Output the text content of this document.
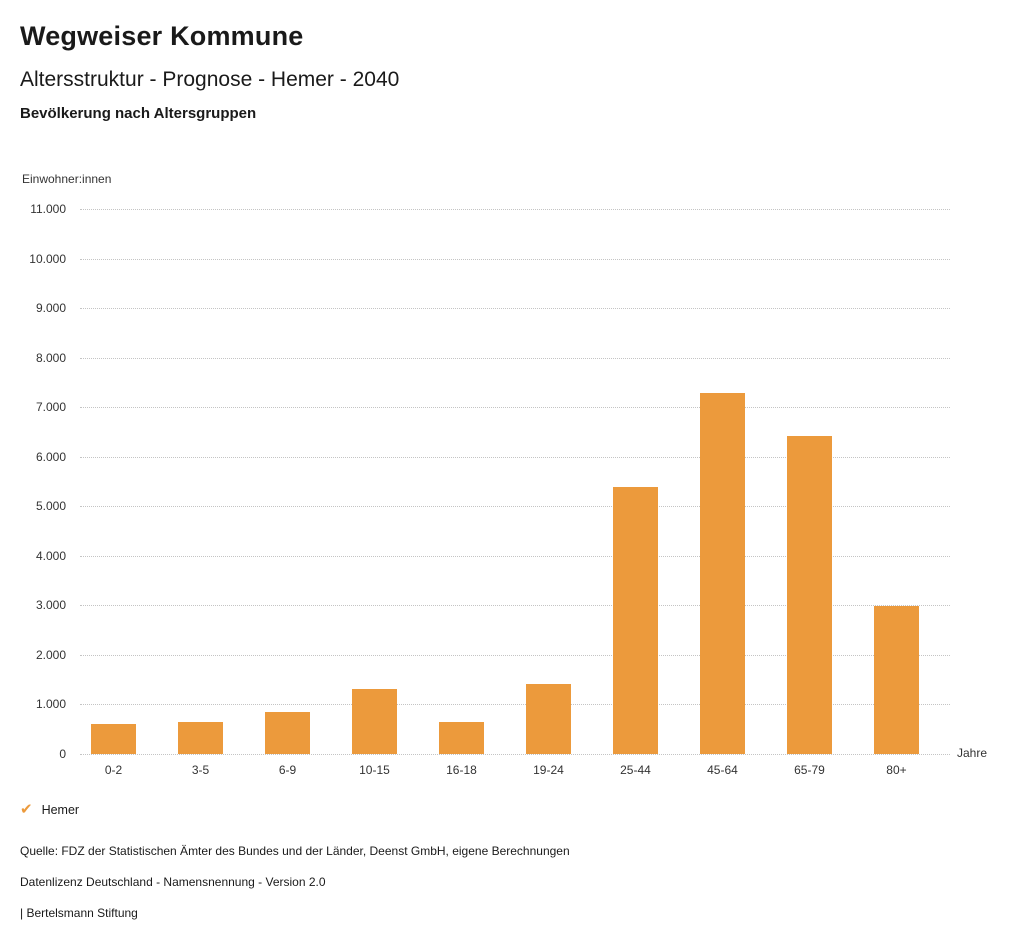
Wegweiser Kommune
Altersstruktur - Prognose - Hemer - 2040
Bevölkerung nach Altersgruppen
Einwohner:innen
0
1.000
2.000
3.000
4.000
5.000
6.000
7.000
8.000
9.000
10.000
11.000
0-2	3-5	6-9	10-15	16-18	19-24	25-44	45-64	65-79	80+
Jahre
✔ Hemer
Quelle: FDZ der Statistischen Ämter des Bundes und der Länder, Deenst GmbH, eigene Berechnungen
Datenlizenz Deutschland - Namensnennung - Version 2.0
| Bertelsmann Stiftung
